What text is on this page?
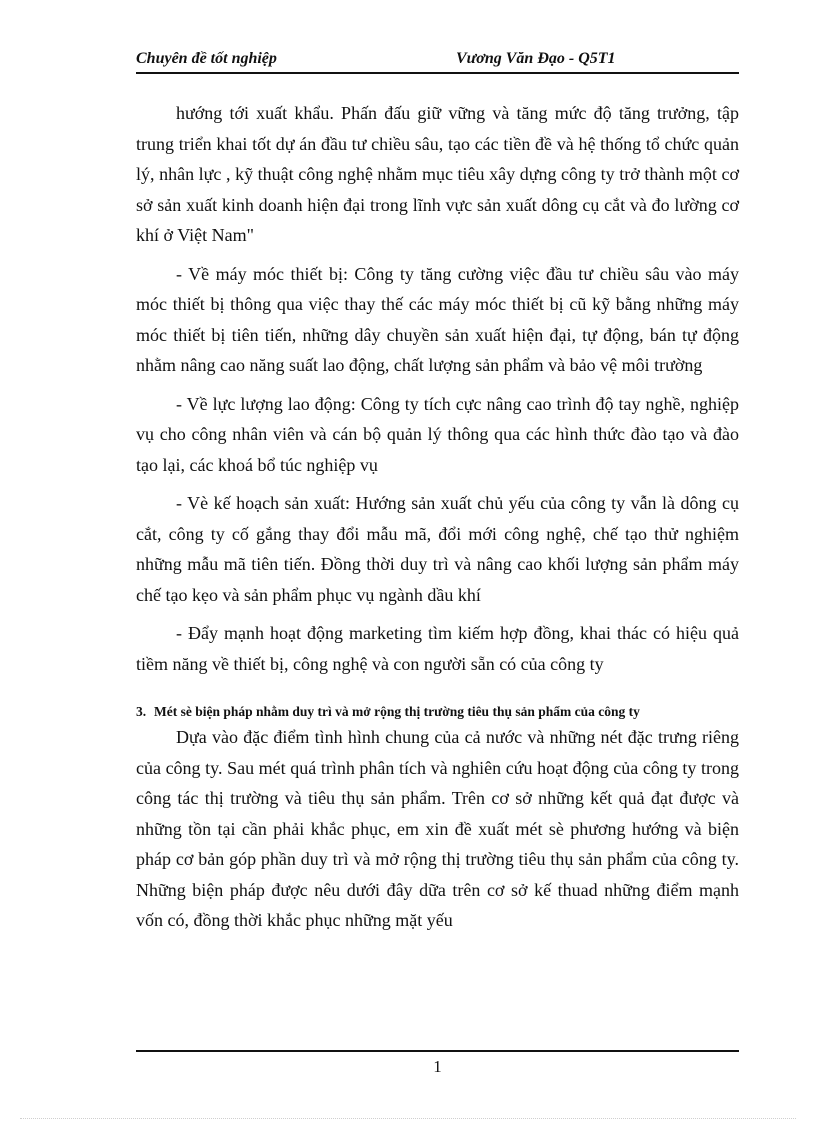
Chuyên đề tốt nghiệp	Vương Văn Đạo - Q5T1

hướng tới xuất khẩu. Phấn đấu giữ vững và tăng mức độ tăng trưởng, tập trung triển khai tốt dự án đầu tư chiều sâu, tạo các tiền đề và hệ thống tổ chức quản lý, nhân lực , kỹ thuật công nghệ nhằm mục tiêu xây dựng công ty trở thành một cơ sở sản xuất kinh doanh hiện đại trong lĩnh vực sản xuất dông cụ cắt và đo lường cơ khí ở Việt Nam"

- Về máy móc thiết bị: Công ty tăng cường việc đầu tư chiều sâu vào máy móc thiết bị thông qua việc thay thế các máy móc thiết bị cũ kỹ bằng những máy móc thiết bị tiên tiến, những dây chuyền sản xuất hiện đại, tự động, bán tự động nhằm nâng cao năng suất lao động, chất lượng sản phẩm và bảo vệ môi trường

- Về lực lượng lao động: Công ty tích cực nâng cao trình độ tay nghề, nghiệp vụ cho công nhân viên và cán bộ quản lý thông qua các hình thức đào tạo và đào tạo lại, các khoá bổ túc nghiệp vụ

- Vè kế hoạch sản xuất: Hướng sản xuất chủ yếu của công ty vẫn là dông cụ cắt, công ty cố gắng thay đổi mẫu mã, đổi mới công nghệ, chế tạo thử nghiệm những mẫu mã tiên tiến. Đồng thời duy trì và nâng cao khối lượng sản phẩm máy chế tạo kẹo và sản phẩm phục vụ ngành dầu khí

- Đẩy mạnh hoạt động marketing tìm kiếm hợp đồng, khai thác có hiệu quả tiềm năng về thiết bị, công nghệ và con người sẵn có của công ty

3. Mét sè biện pháp nhằm duy trì và mở rộng thị trường tiêu thụ sản phẩm của công ty

Dựa vào đặc điểm tình hình chung của cả nước và những nét đặc trưng riêng của công ty. Sau mét quá trình phân tích và nghiên cứu hoạt động của công ty trong công tác thị trường và tiêu thụ sản phẩm. Trên cơ sở những kết quả đạt được và những tồn tại cần phải khắc phục, em xin đề xuất mét sè phương hướng và biện pháp cơ bản góp phần duy trì và mở rộng thị trường tiêu thụ sản phẩm của công ty. Những biện pháp được nêu dưới đây dữa trên cơ sở kế thuad những điểm mạnh vốn có, đồng thời khắc phục những mặt yếu

1
